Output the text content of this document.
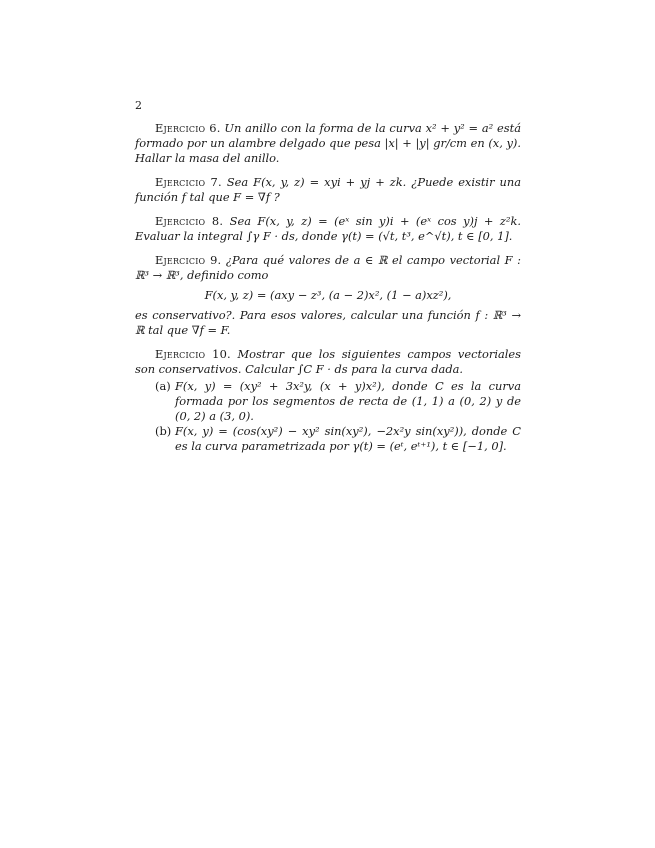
2

Ejercicio 6. Un anillo con la forma de la curva x² + y² = a² está formado por un alambre delgado que pesa |x| + |y| gr/cm en (x, y). Hallar la masa del anillo.

Ejercicio 7. Sea F(x, y, z) = xyi + yj + zk. ¿Puede existir una función f tal que F = ∇f ?

Ejercicio 8. Sea F(x, y, z) = (eˣ sin y)i + (eˣ cos y)j + z²k. Evaluar la integral ∫γ F · ds, donde γ(t) = (√t, t³, e^√t), t ∈ [0, 1].

Ejercicio 9. ¿Para qué valores de a ∈ ℝ el campo vectorial F : ℝ³ → ℝ³, definido como

F(x, y, z) = (axy − z³, (a − 2)x², (1 − a)xz²),

es conservativo?. Para esos valores, calcular una función f : ℝ³ → ℝ tal que ∇f = F.

Ejercicio 10. Mostrar que los siguientes campos vectoriales son conservativos. Calcular ∫C F · ds para la curva dada.
(a) F(x, y) = (xy² + 3x²y, (x + y)x²), donde C es la curva formada por los segmentos de recta de (1, 1) a (0, 2) y de (0, 2) a (3, 0).
(b) F(x, y) = (cos(xy²) − xy² sin(xy²), −2x²y sin(xy²)), donde C es la curva parametrizada por γ(t) = (eᵗ, eᵗ⁺¹), t ∈ [−1, 0].
